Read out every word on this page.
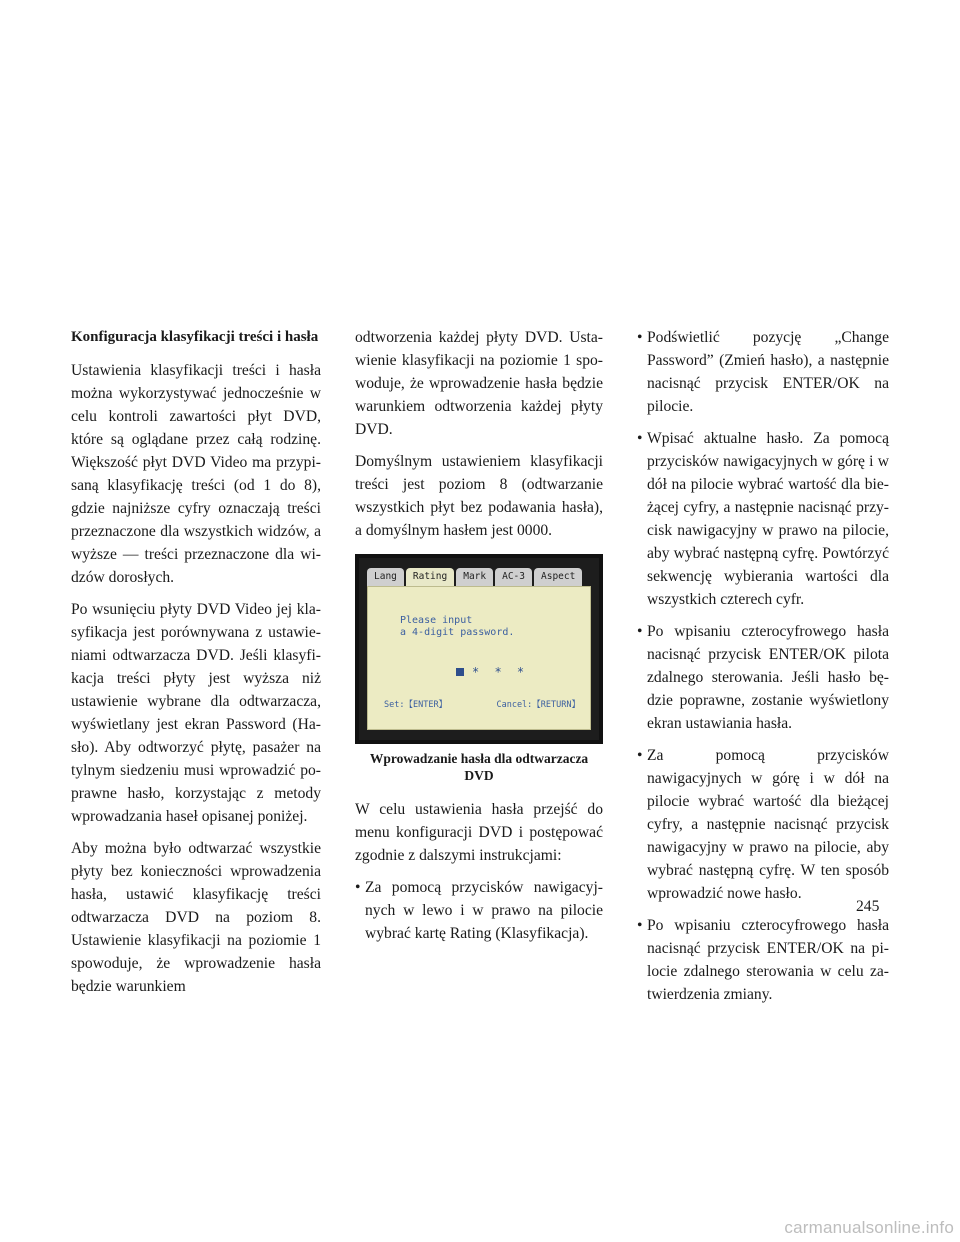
Konfiguracja klasyfikacji treści i hasła

Ustawienia klasyfikacji treści i hasła można wykorzystywać jednocześnie w celu kontroli zawartości płyt DVD, które są oglądane przez całą rodzinę. Większość płyt DVD Video ma przypisaną klasyfikację treści (od 1 do 8), gdzie najniższe cyfry oznaczają treści przeznaczone dla wszystkich widzów, a wyższe — treści przeznaczone dla widzów dorosłych.

Po wsunięciu płyty DVD Video jej klasyfikacja jest porównywana z ustawieniami odtwarzacza DVD. Jeśli klasyfikacja treści płyty jest wyższa niż ustawienie wybrane dla odtwarzacza, wyświetlany jest ekran Password (Hasło). Aby odtworzyć płytę, pasażer na tylnym siedzeniu musi wprowadzić poprawne hasło, korzystając z metody wprowadzania haseł opisanej poniżej.

Aby można było odtwarzać wszystkie płyty bez konieczności wprowadzenia hasła, ustawić klasyfikację treści odtwarzacza DVD na poziom 8. Ustawienie klasyfikacji na poziomie 1 spowoduje, że wprowadzenie hasła będzie warunkiem

odtworzenia każdej płyty DVD. Ustawienie klasyfikacji na poziomie 1 spowoduje, że wprowadzenie hasła będzie warunkiem odtworzenia każdej płyty DVD.

Domyślnym ustawieniem klasyfikacji treści jest poziom 8 (odtwarzanie wszystkich płyt bez podawania hasła), a domyślnym hasłem jest 0000.

Lang	Rating	Mark	AC-3	Aspect
Please input
a 4-digit password.
* * *
Set:【ENTER】	Cancel:【RETURN】

Wprowadzanie hasła dla odtwarzacza DVD

W celu ustawienia hasła przejść do menu konfiguracji DVD i postępować zgodnie z dalszymi instrukcjami:

• Za pomocą przycisków nawigacyjnych w lewo i w prawo na pilocie wybrać kartę Rating (Klasyfikacja).
• Podświetlić pozycję „Change Password” (Zmień hasło), a następnie nacisnąć przycisk ENTER/OK na pilocie.
• Wpisać aktualne hasło. Za pomocą przycisków nawigacyjnych w górę i w dół na pilocie wybrać wartość dla bieżącej cyfry, a następnie nacisnąć przycisk nawigacyjny w prawo na pilocie, aby wybrać następną cyfrę. Powtórzyć sekwencję wybierania wartości dla wszystkich czterech cyfr.
• Po wpisaniu czterocyfrowego hasła nacisnąć przycisk ENTER/OK pilota zdalnego sterowania. Jeśli hasło będzie poprawne, zostanie wyświetlony ekran ustawiania hasła.
• Za pomocą przycisków nawigacyjnych w górę i w dół na pilocie wybrać wartość dla bieżącej cyfry, a następnie nacisnąć przycisk nawigacyjny w prawo na pilocie, aby wybrać następną cyfrę. W ten sposób wprowadzić nowe hasło.
• Po wpisaniu czterocyfrowego hasła nacisnąć przycisk ENTER/OK na pilocie zdalnego sterowania w celu zatwierdzenia zmiany.
245
carmanualsonline.info
